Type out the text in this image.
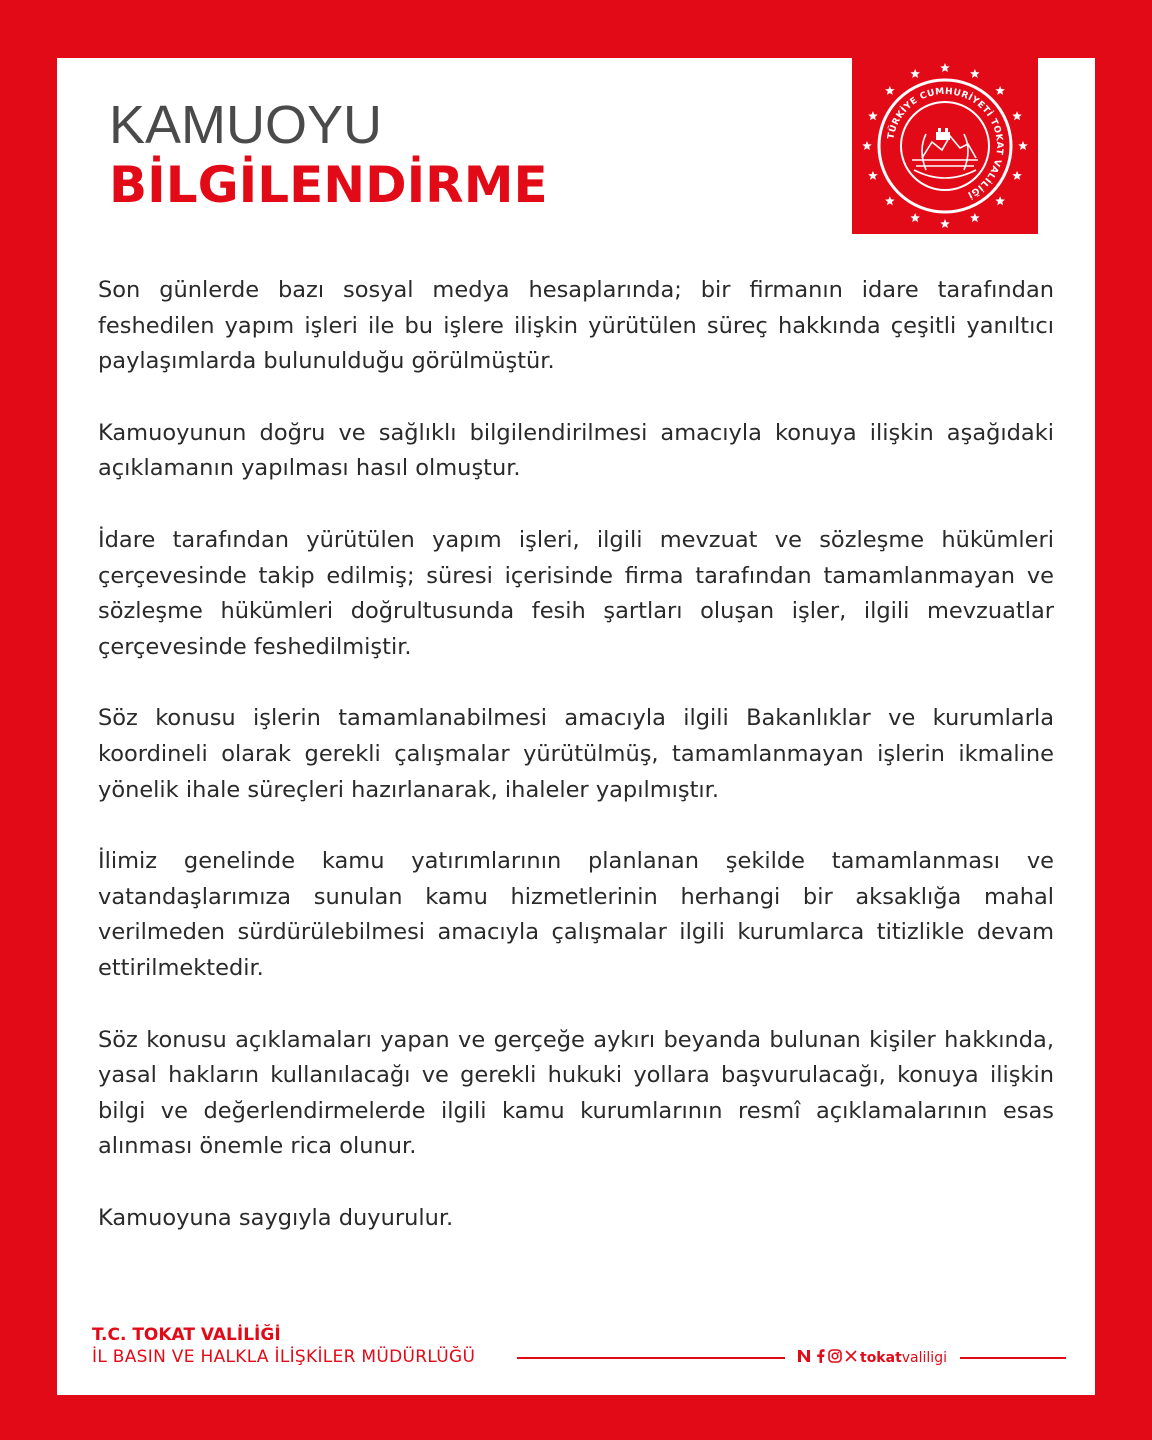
KAMUOYU
BİLGİLENDİRME
TÜRKİYE CUMHURİYETİ TOKAT VALİLİĞİ

Son günlerde bazı sosyal medya hesaplarında; bir firmanın idare tarafından feshedilen yapım işleri ile bu işlere ilişkin yürütülen süreç hakkında çeşitli yanıltıcı paylaşımlarda bulunulduğu görülmüştür.

Kamuoyunun doğru ve sağlıklı bilgilendirilmesi amacıyla konuya ilişkin aşağıdaki açıklamanın yapılması hasıl olmuştur.

İdare tarafından yürütülen yapım işleri, ilgili mevzuat ve sözleşme hükümleri çerçevesinde takip edilmiş; süresi içerisinde firma tarafından tamamlanmayan ve sözleşme hükümleri doğrultusunda fesih şartları oluşan işler, ilgili mevzuatlar çerçevesinde feshedilmiştir.

Söz konusu işlerin tamamlanabilmesi amacıyla ilgili Bakanlıklar ve kurumlarla koordineli olarak gerekli çalışmalar yürütülmüş, tamamlanmayan işlerin ikmaline yönelik ihale süreçleri hazırlanarak, ihaleler yapılmıştır.

İlimiz genelinde kamu yatırımlarının planlanan şekilde tamamlanması ve vatandaşlarımıza sunulan kamu hizmetlerinin herhangi bir aksaklığa mahal verilmeden sürdürülebilmesi amacıyla çalışmalar ilgili kurumlarca titizlikle devam ettirilmektedir.

Söz konusu açıklamaları yapan ve gerçeğe aykırı beyanda bulunan kişiler hakkında, yasal hakların kullanılacağı ve gerekli hukuki yollara başvurulacağı, konuya ilişkin bilgi ve değerlendirmelerde ilgili kamu kurumlarının resmî açıklamalarının esas alınması önemle rica olunur.

Kamuoyuna saygıyla duyurulur.

T.C. TOKAT VALİLİĞİ
İL BASIN VE HALKLA İLİŞKİLER MÜDÜRLÜĞÜ	tokatvaliligi
